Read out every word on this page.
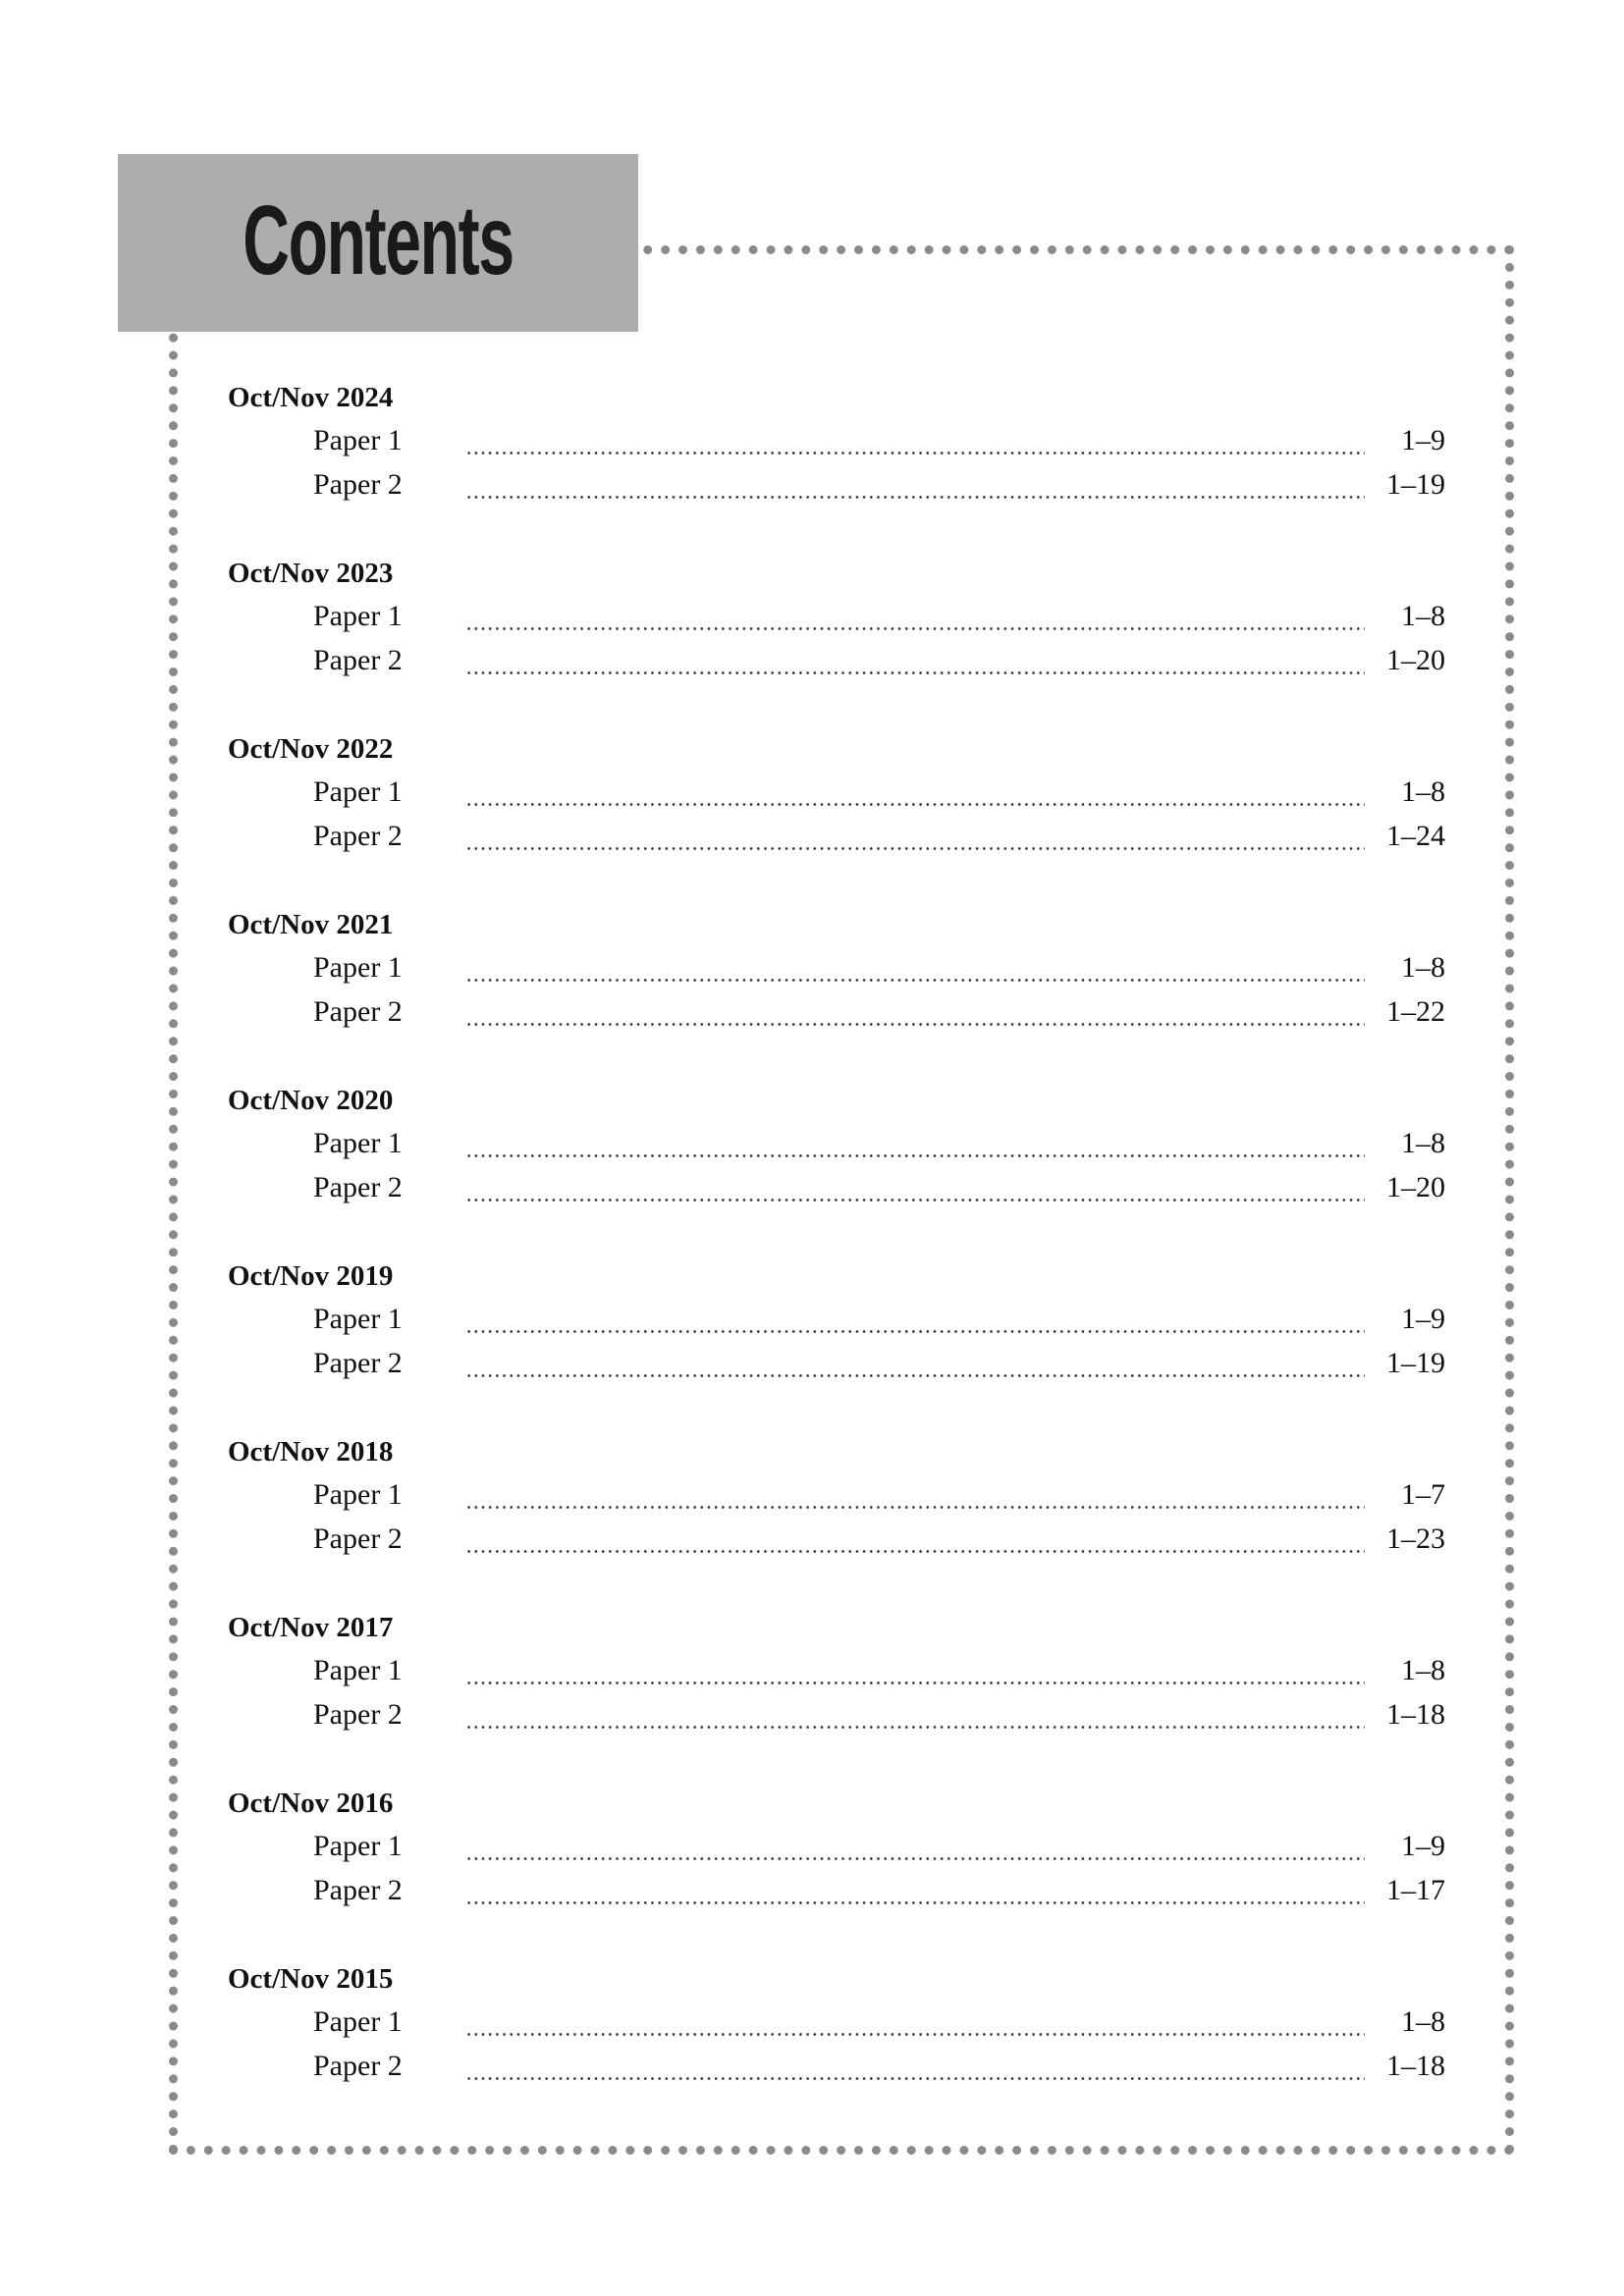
Contents
Oct/Nov 2024
Paper 1	1–9
Paper 2	1–19
Oct/Nov 2023
Paper 1	1–8
Paper 2	1–20
Oct/Nov 2022
Paper 1	1–8
Paper 2	1–24
Oct/Nov 2021
Paper 1	1–8
Paper 2	1–22
Oct/Nov 2020
Paper 1	1–8
Paper 2	1–20
Oct/Nov 2019
Paper 1	1–9
Paper 2	1–19
Oct/Nov 2018
Paper 1	1–7
Paper 2	1–23
Oct/Nov 2017
Paper 1	1–8
Paper 2	1–18
Oct/Nov 2016
Paper 1	1–9
Paper 2	1–17
Oct/Nov 2015
Paper 1	1–8
Paper 2	1–18
